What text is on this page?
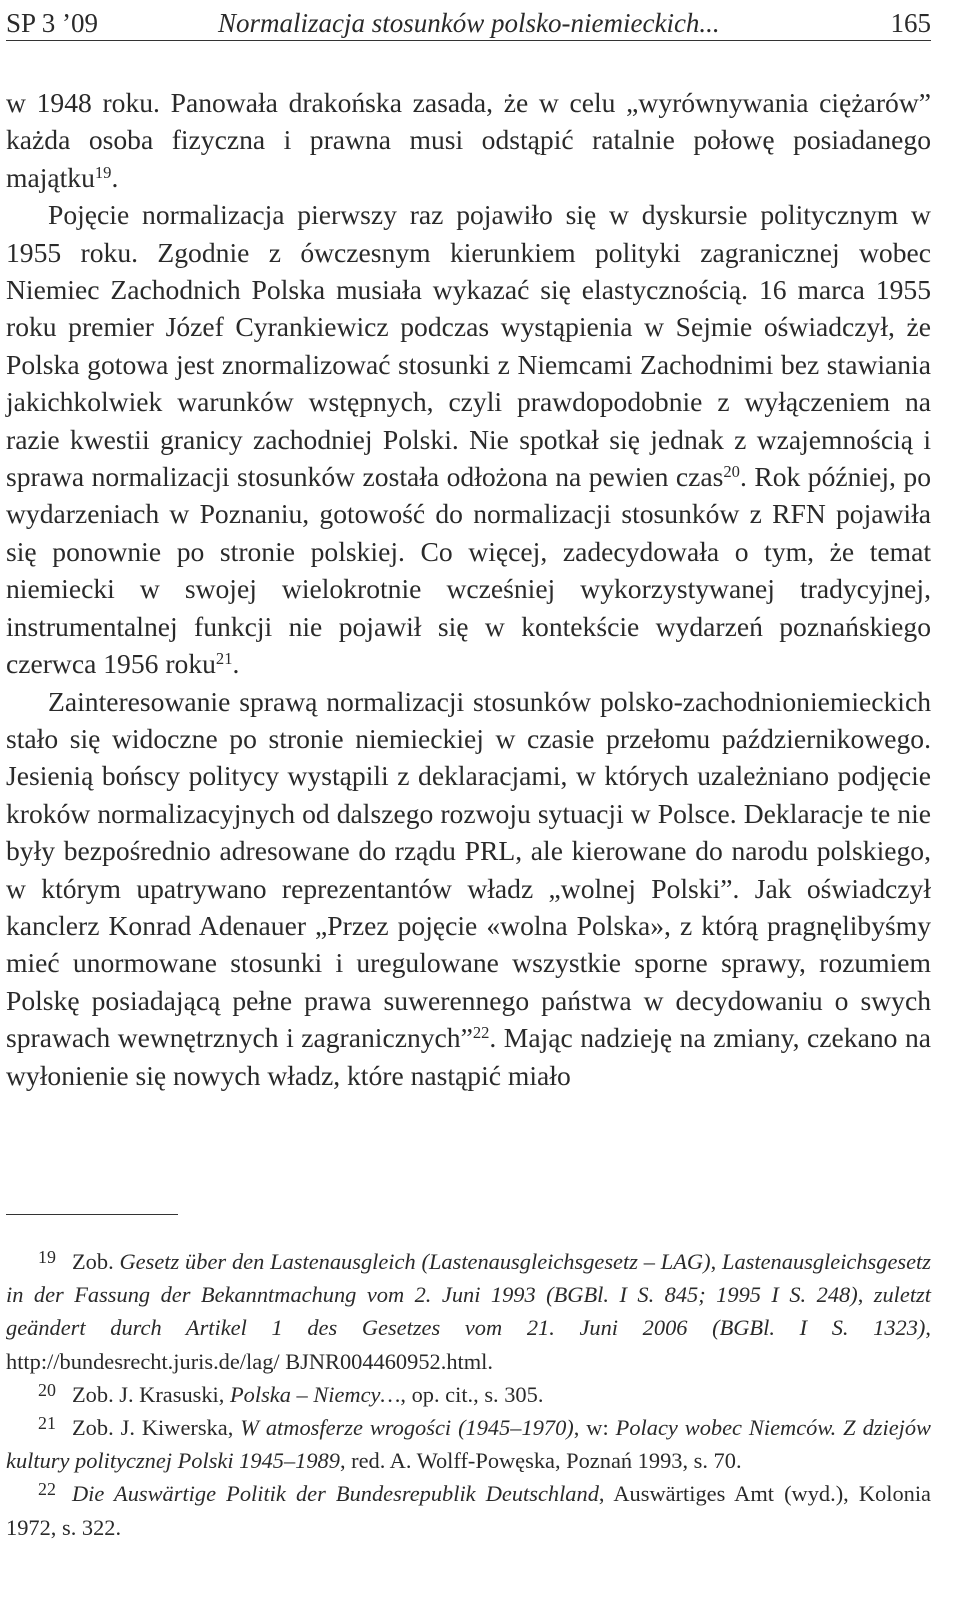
SP 3 ’09	Normalizacja stosunków polsko-niemieckich...	165

w 1948 roku. Panowała drakońska zasada, że w celu „wyrównywania ciężarów” każda osoba fizyczna i prawna musi odstąpić ratalnie połowę posiadanego majątku$^{19}$.

Pojęcie normalizacja pierwszy raz pojawiło się w dyskursie politycznym w 1955 roku. Zgodnie z ówczesnym kierunkiem polityki zagranicznej wobec Niemiec Zachodnich Polska musiała wykazać się elastycznością. 16 marca 1955 roku premier Józef Cyrankiewicz podczas wystąpienia w Sejmie oświadczył, że Polska gotowa jest znormalizować stosunki z Niemcami Zachodnimi bez stawiania jakichkolwiek warunków wstępnych, czyli prawdopodobnie z wyłączeniem na razie kwestii granicy zachodniej Polski. Nie spotkał się jednak z wzajemnością i sprawa normalizacji stosunków została odłożona na pewien czas$^{20}$. Rok później, po wydarzeniach w Poznaniu, gotowość do normalizacji stosunków z RFN pojawiła się ponownie po stronie polskiej. Co więcej, zadecydowała o tym, że temat niemiecki w swojej wielokrotnie wcześniej wykorzystywanej tradycyjnej, instrumentalnej funkcji nie pojawił się w kontekście wydarzeń poznańskiego czerwca 1956 roku$^{21}$.

Zainteresowanie sprawą normalizacji stosunków polsko-zachodnioniemieckich stało się widoczne po stronie niemieckiej w czasie przełomu październikowego. Jesienią bońscy politycy wystąpili z deklaracjami, w których uzależniano podjęcie kroków normalizacyjnych od dalszego rozwoju sytuacji w Polsce. Deklaracje te nie były bezpośrednio adresowane do rządu PRL, ale kierowane do narodu polskiego, w którym upatrywano reprezentantów władz „wolnej Polski”. Jak oświadczył kanclerz Konrad Adenauer „Przez pojęcie «wolna Polska», z którą pragnęlibyśmy mieć unormowane stosunki i uregulowane wszystkie sporne sprawy, rozumiem Polskę posiadającą pełne prawa suwerennego państwa w decydowaniu o swych sprawach wewnętrznych i zagranicznych”$^{22}$. Mając nadzieję na zmiany, czekano na wyłonienie się nowych władz, które nastąpić miało

19 Zob. Gesetz über den Lastenausgleich (Lastenausgleichsgesetz – LAG), Lastenausgleichsgesetz in der Fassung der Bekanntmachung vom 2. Juni 1993 (BGBl. I S. 845; 1995 I S. 248), zuletzt geändert durch Artikel 1 des Gesetzes vom 21. Juni 2006 (BGBl. I S. 1323), http://bundesrecht.juris.de/lag/ BJNR004460952.html.

20 Zob. J. Krasuski, Polska – Niemcy…, op. cit., s. 305.

21 Zob. J. Kiwerska, W atmosferze wrogości (1945–1970), w: Polacy wobec Niemców. Z dziejów kultury politycznej Polski 1945–1989, red. A. Wolff-Powęska, Poznań 1993, s. 70.

22 Die Auswärtige Politik der Bundesrepublik Deutschland, Auswärtiges Amt (wyd.), Kolonia 1972, s. 322.
